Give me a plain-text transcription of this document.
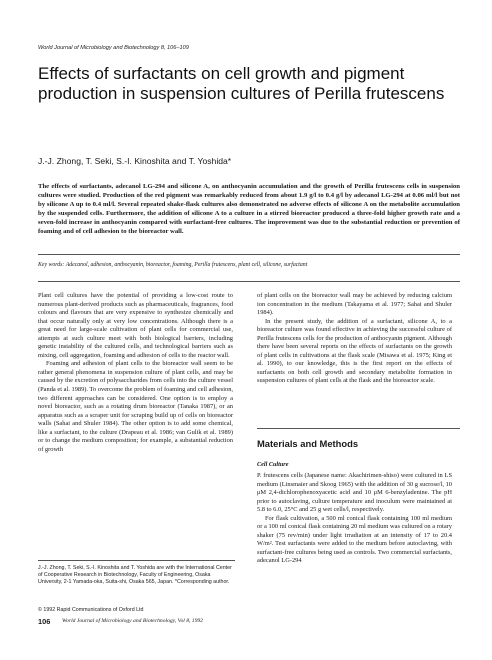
World Journal of Microbiology and Biotechnology 8, 106–109
Effects of surfactants on cell growth and pigment production in suspension cultures of Perilla frutescens
J.-J. Zhong, T. Seki, S.-I. Kinoshita and T. Yoshida*

The effects of surfactants, adecanol LG-294 and silicone A, on anthocyanin accumulation and the growth of Perilla frutescens cells in suspension cultures were studied. Production of the red pigment was remarkably reduced from about 1.9 g/l to 0.4 g/l by adecanol LG-294 at 0.06 ml/l but not by silicone A up to 0.4 ml/l. Several repeated shake-flask cultures also demonstrated no adverse effects of silicone A on the metabolite accumulation by the suspended cells. Furthermore, the addition of silicone A to a culture in a stirred bioreactor produced a three-fold higher growth rate and a seven-fold increase in anthocyanin compared with surfactant-free cultures. The improvement was due to the substantial reduction or prevention of foaming and of cell adhesion to the bioreactor wall.

Key words: Adecanol, adhesion, anthocyanin, bioreactor, foaming, Perilla frutescens, plant cell, silicone, surfactant

Plant cell cultures have the potential of providing a low-cost route to numerous plant-derived products such as pharmaceuticals, fragrances, food colours and flavours that are very expensive to synthesize chemically and that occur naturally only at very low concentrations. Although there is a great need for large-scale cultivation of plant cells for commercial use, attempts at such culture meet with both biological barriers, including genetic instability of the cultured cells, and technological barriers such as mixing, cell aggregation, foaming and adhesion of cells to the reactor wall.

Foaming and adhesion of plant cells to the bioreactor wall seem to be rather general phenomena in suspension culture of plant cells, and may be caused by the excretion of polysaccharides from cells into the culture vessel (Panda et al. 1989). To overcome the problem of foaming and cell adhesion, two different approaches can be considered. One option is to employ a novel bioreactor, such as a rotating drum bioreactor (Tanaka 1987), or an apparatus such as a scraper unit for scraping build up of cells on bioreactor walls (Sahai and Shuler 1984). The other option is to add some chemical, like a surfactant, to the culture (Drapeau et al. 1986; van Gulik et al. 1989) or to change the medium composition; for example, a substantial reduction of growth

of plant cells on the bioreactor wall may be achieved by reducing calcium ion concentration in the medium (Takayama et al. 1977; Sahai and Shuler 1984).

In the present study, the addition of a surfactant, silicone A, to a bioreactor culture was found effective in achieving the successful culture of Perilla frutescens cells for the production of anthocyanin pigment. Although there have been several reports on the effects of surfactants on the growth of plant cells in cultivations at the flask scale (Misawa et al. 1975; King et al. 1990), to our knowledge, this is the first report on the effects of surfactants on both cell growth and secondary metabolite formation in suspension cultures of plant cells at the flask and the bioreactor scale.

Materials and Methods
Cell Culture

P. frutescens cells (Japanese name: Akachirimen-shiso) were cultured in LS medium (Linsmaier and Skoog 1965) with the addition of 30 g sucrose/l, 10 μM 2,4-dichlorophenoxyacetic acid and 10 μM 6-benzyladenine. The pH prior to autoclaving, culture temperature and inoculum were maintained at 5.8 to 6.0, 25°C and 25 g wet cells/l, respectively.

For flask cultivation, a 500 ml conical flask containing 100 ml medium or a 100 ml conical flask containing 20 ml medium was cultured on a rotary shaker (75 rev/min) under light irradiation at an intensity of 17 to 20.4 W/m². Test surfactants were added to the medium before autoclaving, with surfactant-free cultures being used as controls. Two commercial surfactants, adecanol LG-294

J.-J. Zhong, T. Seki, S.-I. Kinoshita and T. Yoshida are with the International Center of Cooperative Research in Biotechnology, Faculty of Engineering, Osaka University, 2-1 Yamada-oka, Suita-shi, Osaka 565, Japan. *Corresponding author.

© 1992 Rapid Communications of Oxford Ltd
106 World Journal of Microbiology and Biotechnology, Vol 8, 1992
